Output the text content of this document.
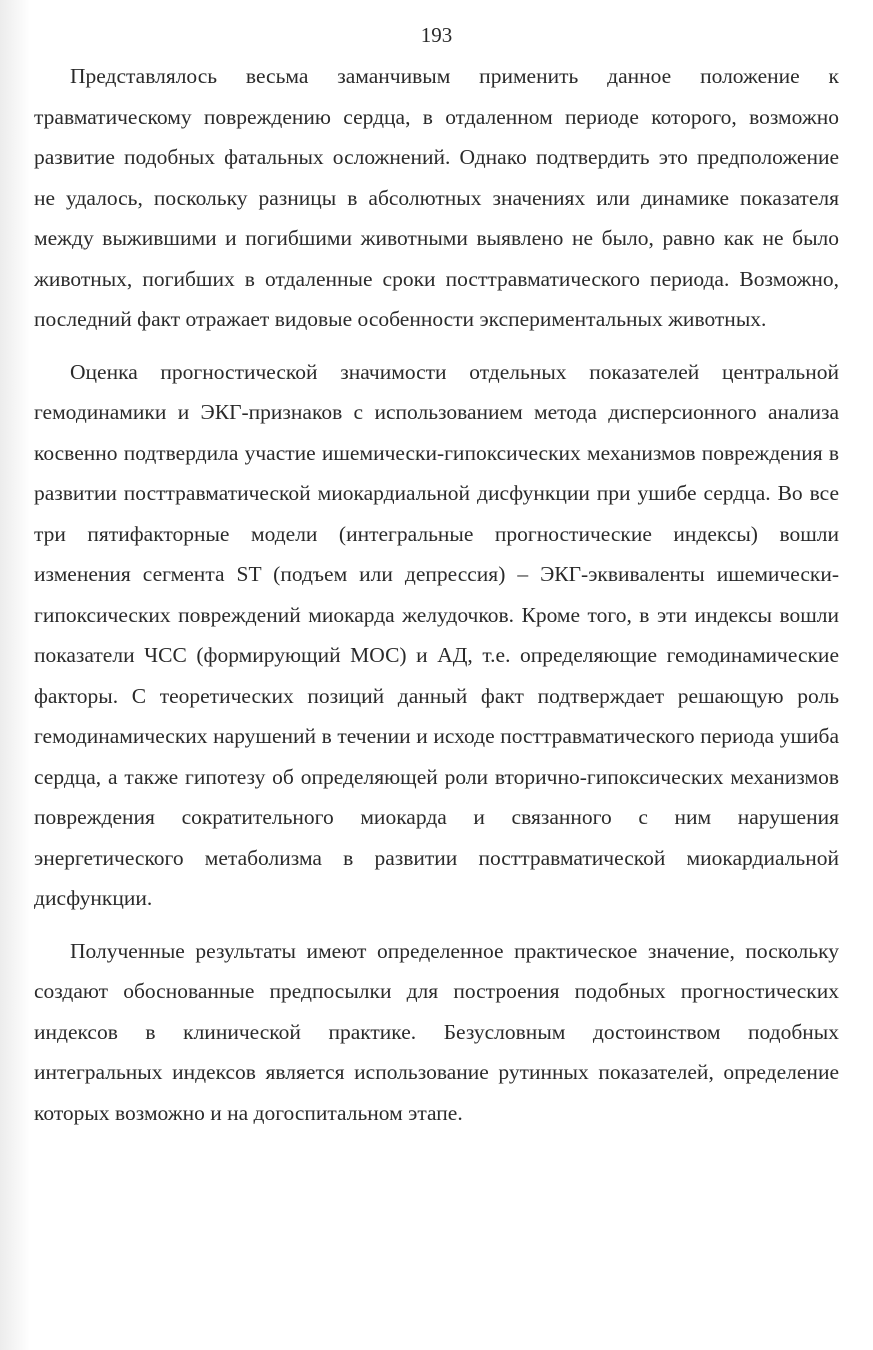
193

Представлялось весьма заманчивым применить данное положение к травматическому повреждению сердца, в отдаленном периоде которого, возможно развитие подобных фатальных осложнений. Однако подтвердить это предположение не удалось, поскольку разницы в абсолютных значениях или динамике показателя между выжившими и погибшими животными выявлено не было, равно как не было животных, погибших в отдаленные сроки посттравматического периода. Возможно, последний факт отражает видовые особенности экспериментальных животных.

Оценка прогностической значимости отдельных показателей центральной гемодинамики и ЭКГ-признаков с использованием метода дисперсионного анализа косвенно подтвердила участие ишемически-гипоксических механизмов повреждения в развитии посттравматической миокардиальной дисфункции при ушибе сердца. Во все три пятифакторные модели (интегральные прогностические индексы) вошли изменения сегмента ST (подъем или депрессия) – ЭКГ-эквиваленты ишемически-гипоксических повреждений миокарда желудочков. Кроме того, в эти индексы вошли показатели ЧСС (формирующий МОС) и АД, т.е. определяющие гемодинамические факторы. С теоретических позиций данный факт подтверждает решающую роль гемодинамических нарушений в течении и исходе посттравматического периода ушиба сердца, а также гипотезу об определяющей роли вторично-гипоксических механизмов повреждения сократительного миокарда и связанного с ним нарушения энергетического метаболизма в развитии посттравматической миокардиальной дисфункции.

Полученные результаты имеют определенное практическое значение, поскольку создают обоснованные предпосылки для построения подобных прогностических индексов в клинической практике. Безусловным достоинством подобных интегральных индексов является использование рутинных показателей, определение которых возможно и на догоспитальном этапе.
